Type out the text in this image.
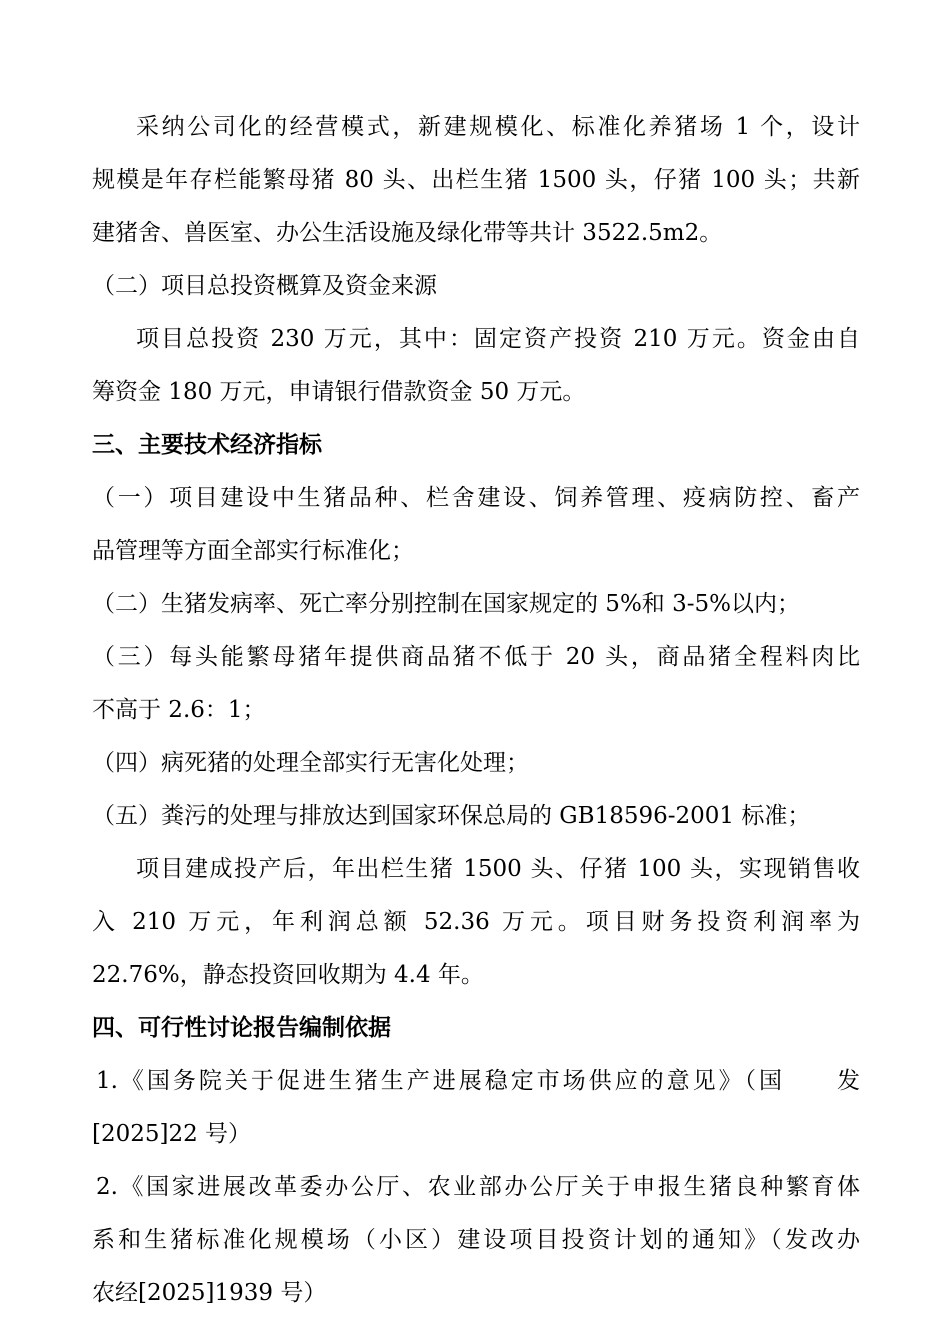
采纳公司化的经营模式，新建规模化、标准化养猪场 1 个，设计
规模是年存栏能繁母猪 80 头、出栏生猪 1500 头，仔猪 100 头；共新
建猪舍、兽医室、办公生活设施及绿化带等共计 3522.5m2。
（二）项目总投资概算及资金来源
项目总投资 230 万元，其中：固定资产投资 210 万元。资金由自
筹资金 180 万元，申请银行借款资金 50 万元。
三、主要技术经济指标
（一）项目建设中生猪品种、栏舍建设、饲养管理、疫病防控、畜产
品管理等方面全部实行标准化；
（二）生猪发病率、死亡率分别控制在国家规定的 5%和 3-5%以内；
（三）每头能繁母猪年提供商品猪不低于 20 头，商品猪全程料肉比
不高于 2.6：1；
（四）病死猪的处理全部实行无害化处理；
（五）粪污的处理与排放达到国家环保总局的 GB18596-2001 标准；
项目建成投产后，年出栏生猪 1500 头、仔猪 100 头，实现销售收
入 210 万元，年利润总额 52.36 万元。项目财务投资利润率为
22.76%，静态投资回收期为 4.4 年。
四、可行性讨论报告编制依据
1.《国务院关于促进生猪生产进展稳定市场供应的意见》（国　　发
[2025]22 号）
2.《国家进展改革委办公厅、农业部办公厅关于申报生猪良种繁育体
系和生猪标准化规模场（小区）建设项目投资计划的通知》（发改办
农经[2025]1939 号）
